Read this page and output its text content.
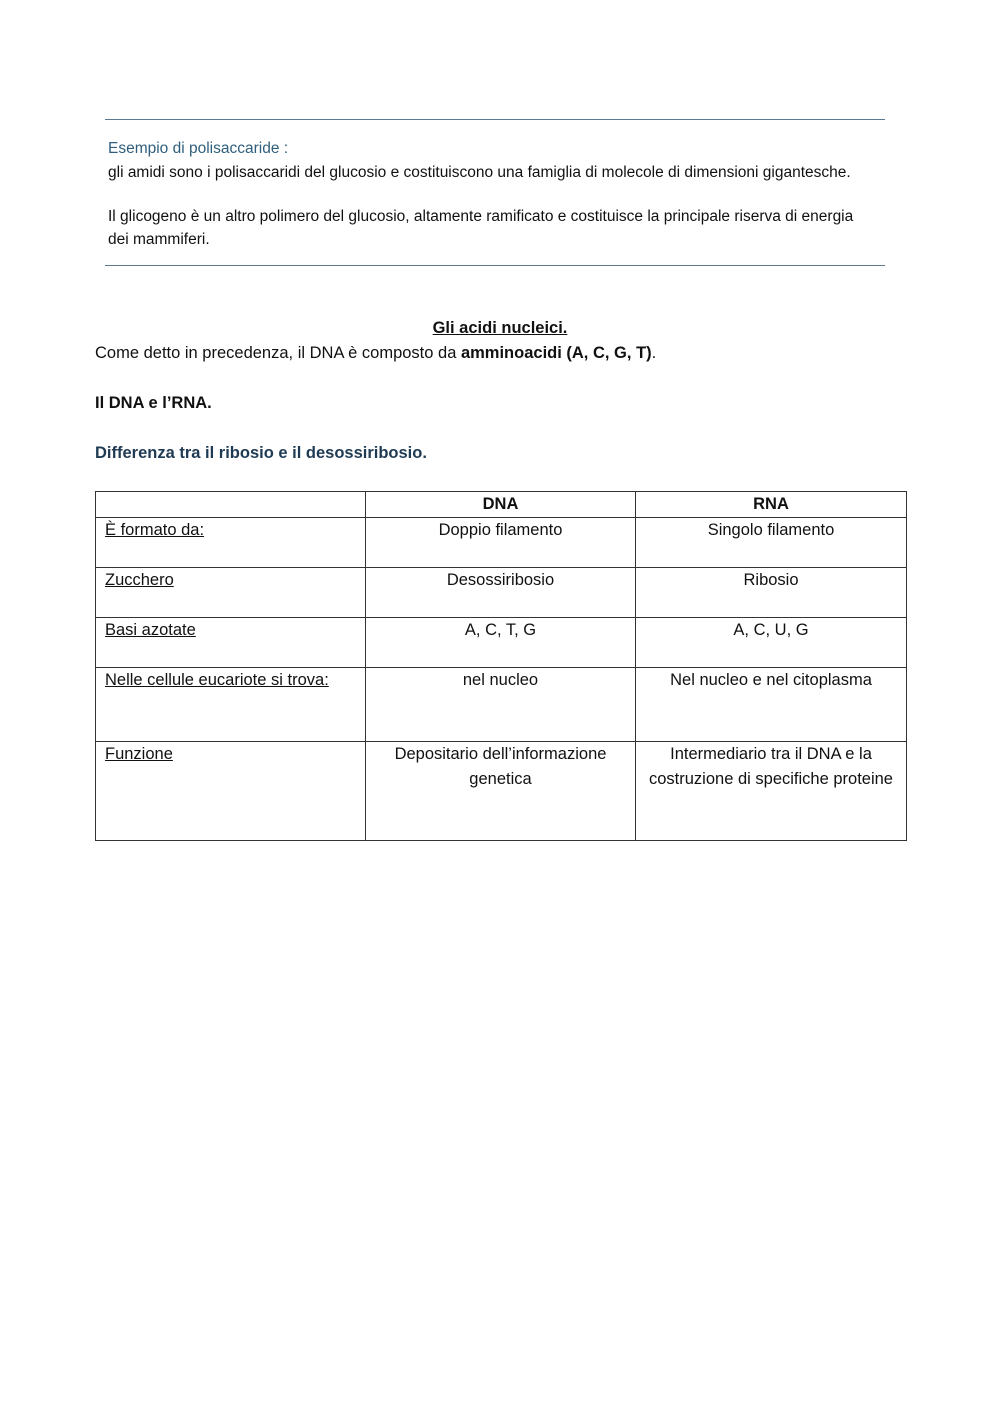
Esempio di polisaccaride :
gli amidi sono i polisaccaridi del glucosio e costituiscono una famiglia di molecole di dimensioni gigantesche.
Il glicogeno è un altro polimero del glucosio, altamente ramificato e costituisce la principale riserva di energia dei mammiferi.
Gli acidi nucleici.
Come detto in precedenza, il DNA è composto da amminoacidi (A, C, G, T).
Il DNA e l’RNA.
Differenza tra il ribosio e il desossiribosio.
	DNA	RNA
È formato da:	Doppio filamento	Singolo filamento
Zucchero	Desossiribosio	Ribosio
Basi azotate	A, C, T, G	A, C, U, G
Nelle cellule eucariote si trova:	nel nucleo	Nel nucleo e nel citoplasma
Funzione	Depositario dell’informazione genetica	Intermediario tra il DNA e la costruzione di specifiche proteine
